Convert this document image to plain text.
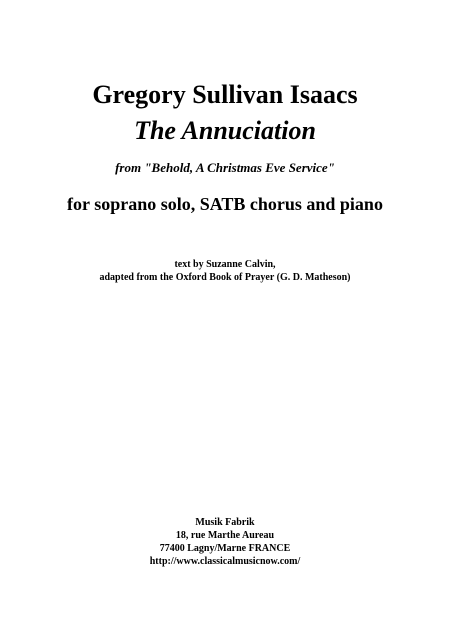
Gregory Sullivan Isaacs
The Annuciation
from "Behold, A Christmas Eve Service"
for soprano solo, SATB chorus and piano
text by Suzanne Calvin,
adapted from the Oxford Book of Prayer (G. D. Matheson)
Musik Fabrik
18, rue Marthe Aureau
77400 Lagny/Marne FRANCE
http://www.classicalmusicnow.com/
